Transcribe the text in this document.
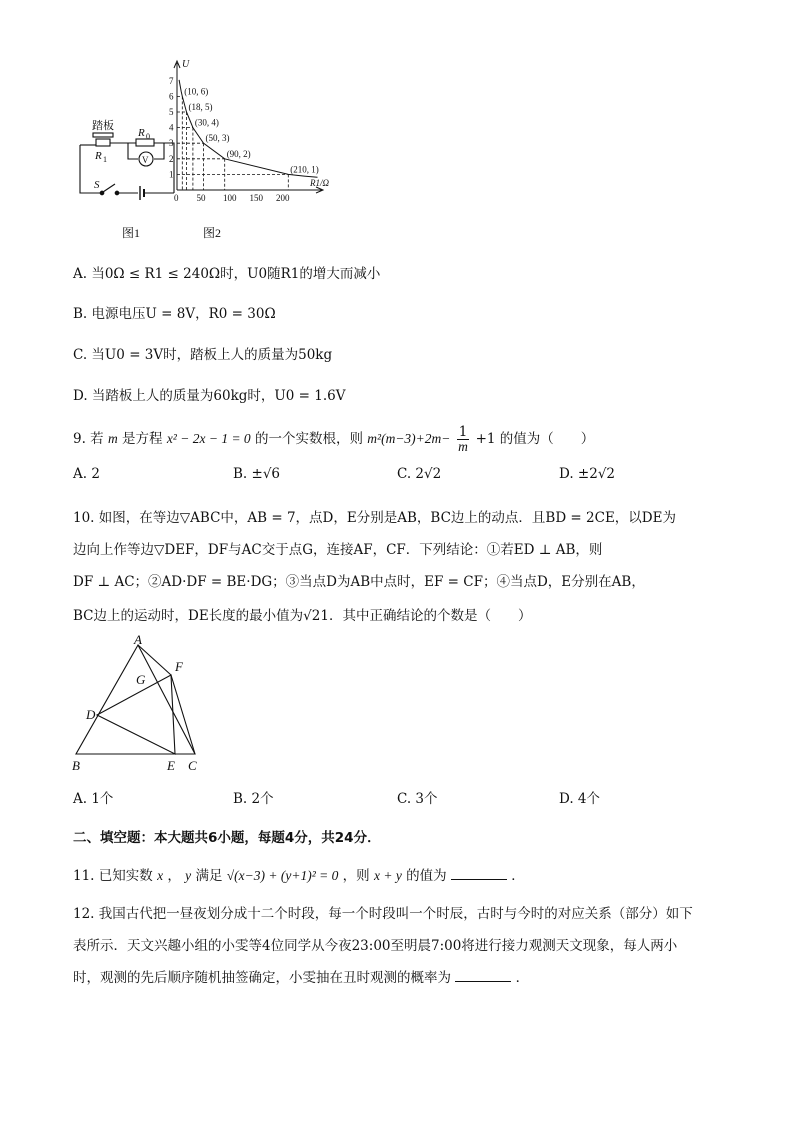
踏板
R 1
R 0
V
S
U
R1/Ω
1
2
3
4
5
6
7
0 50 100 150 200
(10, 6)
(18, 5)
(30, 4)
(50, 3)
(90, 2)
(210, 1)
图1	图2
A. 当0Ω ≤ R1 ≤ 240Ω时，U0随R1的增大而减小
B. 电源电压U = 8V，R0 = 30Ω
C. 当U0 = 3V时，踏板上人的质量为50kg
D. 当踏板上人的质量为60kg时，U0 = 1.6V
9. 若 m 是方程 x² − 2x − 1 = 0 的一个实数根，则 $m^2(m-3)+2m- \frac{1}{m} +1$ 的值为（　　）
A. 2	B. ±√6	C. 2√2	D. ±2√2
10. 如图，在等边▽ABC中，AB = 7，点D，E分别是AB，BC边上的动点．且BD = 2CE，以DE为
边向上作等边▽DEF，DF与AC交于点G，连接AF，CF．下列结论：①若ED ⊥ AB，则
DF ⊥ AC；②AD·DF = BE·DG；③当点D为AB中点时，EF = CF；④当点D，E分别在AB，
BC边上的运动时，DE长度的最小值为√21．其中正确结论的个数是（　　）
A
B	C
D
E
F
G
A. 1个	B. 2个	C. 3个	D. 4个
二、填空题：本大题共6小题，每题4分，共24分．
11. 已知实数 x ， y 满足 √(x−3) + (y+1)² = 0 ，则 x + y 的值为	．
12. 我国古代把一昼夜划分成十二个时段，每一个时段叫一个时辰，古时与今时的对应关系（部分）如下
表所示．天文兴趣小组的小雯等4位同学从今夜23:00至明晨7:00将进行接力观测天文现象，每人两小
时，观测的先后顺序随机抽签确定，小雯抽在丑时观测的概率为	．
